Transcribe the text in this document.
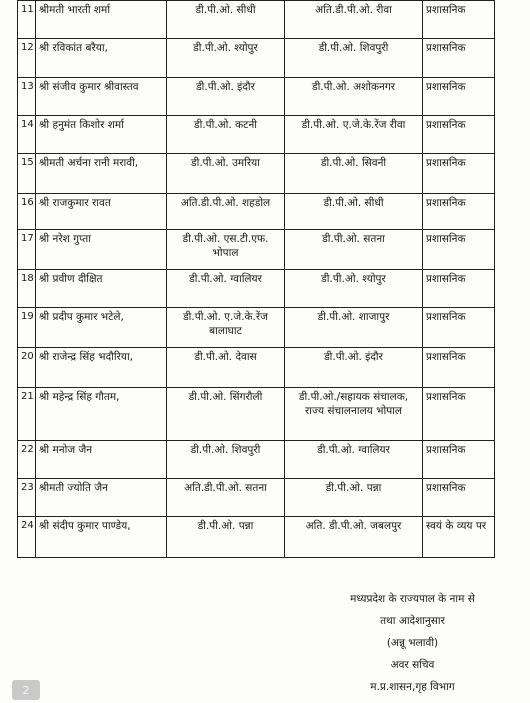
11	श्रीमती भारती शर्मा	डी.पी.ओ. सीधी	अति.डी.पी.ओ. रीवा	प्रशासनिक
12	श्री रविकांत बरैया,	डी.पी.ओ. श्योपुर	डी.पी.ओ. शिवपुरी	प्रशासनिक
13	श्री संजीव कुमार श्रीवास्तव	डी.पी.ओ. इंदौर	डी.पी.ओ. अशोकनगर	प्रशासनिक
14	श्री हनुमंत किशोर शर्मा	डी.पी.ओ. कटनी	डी.पी.ओ. ए.जे.के.रेंज रीवा	प्रशासनिक
15	श्रीमती अर्चना रानी मरावी,	डी.पी.ओ. उमरिया	डी.पी.ओ. सिवनी	प्रशासनिक
16	श्री राजकुमार रावत	अति.डी.पी.ओ. शहडोल	डी.पी.ओ. सीधी	प्रशासनिक
17	श्री नरेश गुप्ता	डी.पी.ओ. एस.टी.एफ. भोपाल	डी.पी.ओ. सतना	प्रशासनिक
18	श्री प्रवीण दीक्षित	डी.पी.ओ. ग्वालियर	डी.पी.ओ. श्योपुर	प्रशासनिक
19	श्री प्रदीप कुमार भटेले,	डी.पी.ओ. ए.जे.के.रेंज बालाघाट	डी.पी.ओ. शाजापुर	प्रशासनिक
20	श्री राजेन्द्र सिंह भदौरिया,	डी.पी.ओ. देवास	डी.पी.ओ. इंदौर	प्रशासनिक
21	श्री महेन्द्र सिंह गौतम,	डी.पी.ओ. सिंगरौली	डी.पी.ओ./सहायक संचालक, राज्य संचालनालय भोपाल	प्रशासनिक
22	श्री मनोज जैन	डी.पी.ओ. शिवपुरी	डी.पी.ओ. ग्वालियर	प्रशासनिक
23	श्रीमती ज्योति जैन	अति.डी.पी.ओ. सतना	डी.पी.ओ. पन्ना	प्रशासनिक
24	श्री संदीप कुमार पाण्डेय,	डी.पी.ओ. पन्ना	अति. डी.पी.ओ. जबलपुर	स्वयं के व्यय पर
मध्यप्रदेश के राज्यपाल के नाम से
तथा आदेशानुसार
(अन्नू भलावी)
अवर सचिव
म.प्र.शासन,गृह विभाग
2
